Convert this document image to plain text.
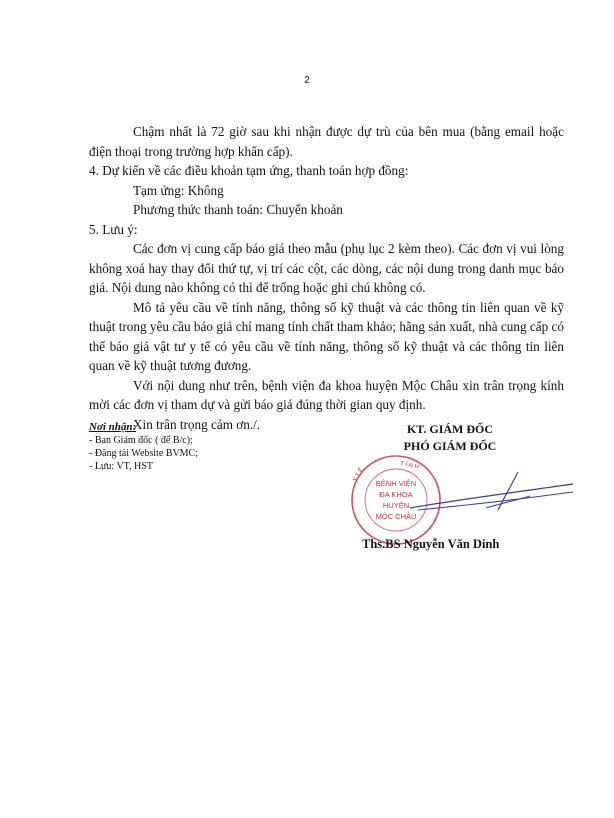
2

Chậm nhất là 72 giờ sau khi nhận được dự trù của bên mua (bằng email hoặc điện thoại trong trường hợp khẩn cấp).

4. Dự kiến về các điều khoản tạm ứng, thanh toán hợp đồng:

Tạm ứng: Không

Phương thức thanh toán: Chuyển khoản

5. Lưu ý:

Các đơn vị cung cấp báo giá theo mẫu (phụ lục 2 kèm theo). Các đơn vị vui lòng không xoá hay thay đổi thứ tự, vị trí các cột, các dòng, các nội dung trong danh mục báo giá. Nội dung nào không có thì để trống hoặc ghi chú không có.

Mô tả yêu cầu về tính năng, thông số kỹ thuật và các thông tin liên quan về kỹ thuật trong yêu cầu báo giá chỉ mang tính chất tham khảo; hãng sản xuất, nhà cung cấp có thể báo giá vật tư y tế có yêu cầu về tính năng, thông số kỹ thuật và các thông tin liên quan về kỹ thuật tương đương.

Với nội dung như trên, bệnh viện đa khoa huyện Mộc Châu xin trân trọng kính mời các đơn vị tham dự và gửi báo giá đúng thời gian quy định.

Xin trân trọng cảm ơn./.

Nơi nhận:
- Ban Giám đốc ( để B/c);
- Đăng tải Website BVMC;
- Lưu: VT, HST
KT. GIÁM ĐỐC
PHÓ GIÁM ĐỐC
BỆNH VIỆN
ĐA KHOA
HUYỆN
MỘC CHÂU
T Ỉ N H
Y T Ế
Ths.BS Nguyễn Văn Dinh
